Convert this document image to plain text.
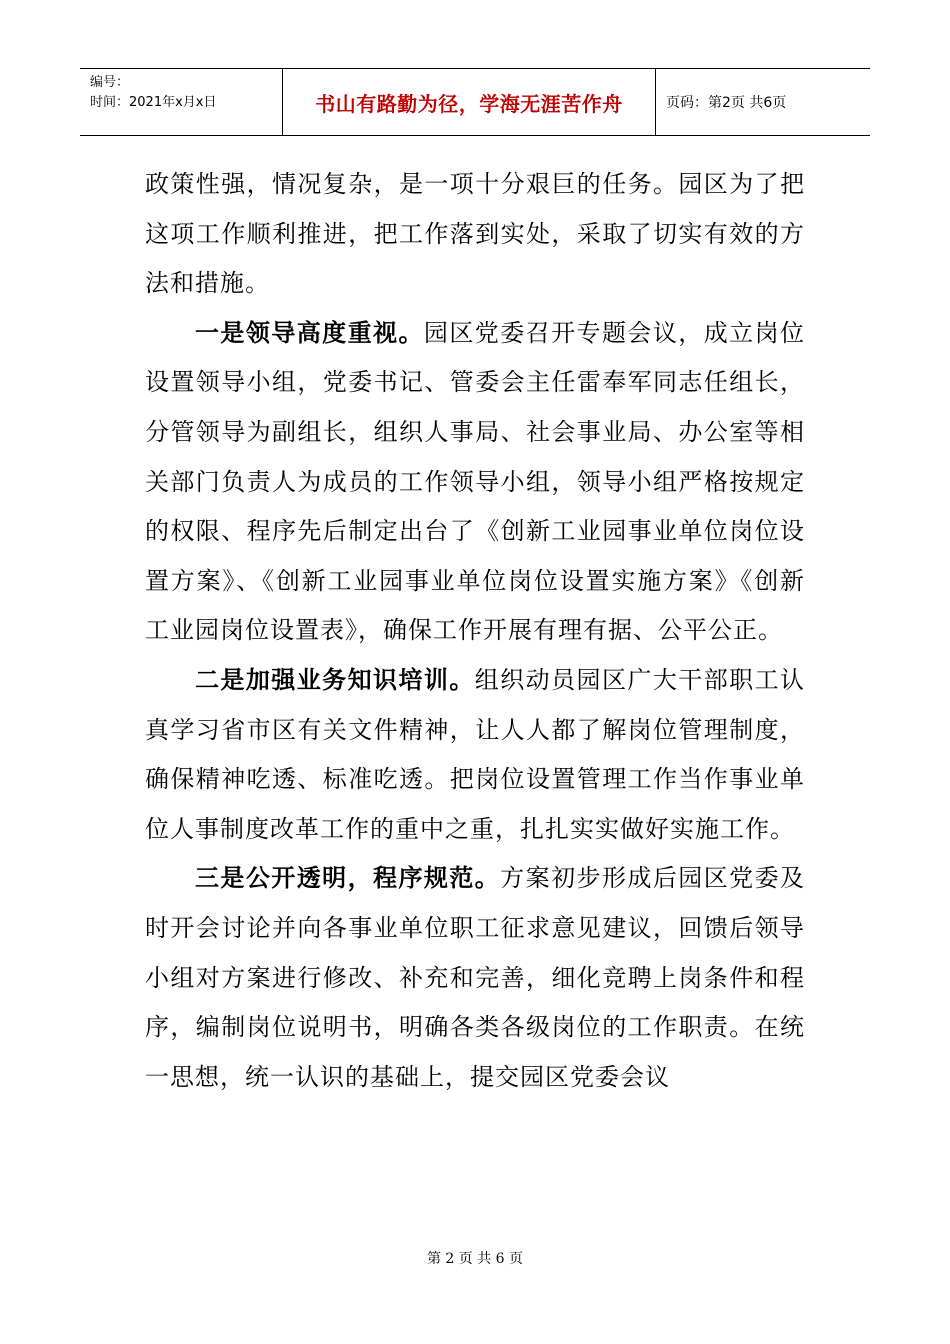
编号：
时间：2021年x月x日	书山有路勤为径，学海无涯苦作舟	页码：第2页 共6页

政策性强，情况复杂，是一项十分艰巨的任务。园区为了把这项工作顺利推进，把工作落到实处，采取了切实有效的方法和措施。

一是领导高度重视。园区党委召开专题会议，成立岗位设置领导小组，党委书记、管委会主任雷奉军同志任组长，分管领导为副组长，组织人事局、社会事业局、办公室等相关部门负责人为成员的工作领导小组，领导小组严格按规定的权限、程序先后制定出台了《创新工业园事业单位岗位设置方案》、《创新工业园事业单位岗位设置实施方案》《创新工业园岗位设置表》，确保工作开展有理有据、公平公正。

二是加强业务知识培训。组织动员园区广大干部职工认真学习省市区有关文件精神，让人人都了解岗位管理制度，确保精神吃透、标准吃透。把岗位设置管理工作当作事业单位人事制度改革工作的重中之重，扎扎实实做好实施工作。

三是公开透明，程序规范。方案初步形成后园区党委及时开会讨论并向各事业单位职工征求意见建议，回馈后领导小组对方案进行修改、补充和完善，细化竞聘上岗条件和程序，编制岗位说明书，明确各类各级岗位的工作职责。在统一思想，统一认识的基础上，提交园区党委会议

第 2 页 共 6 页
